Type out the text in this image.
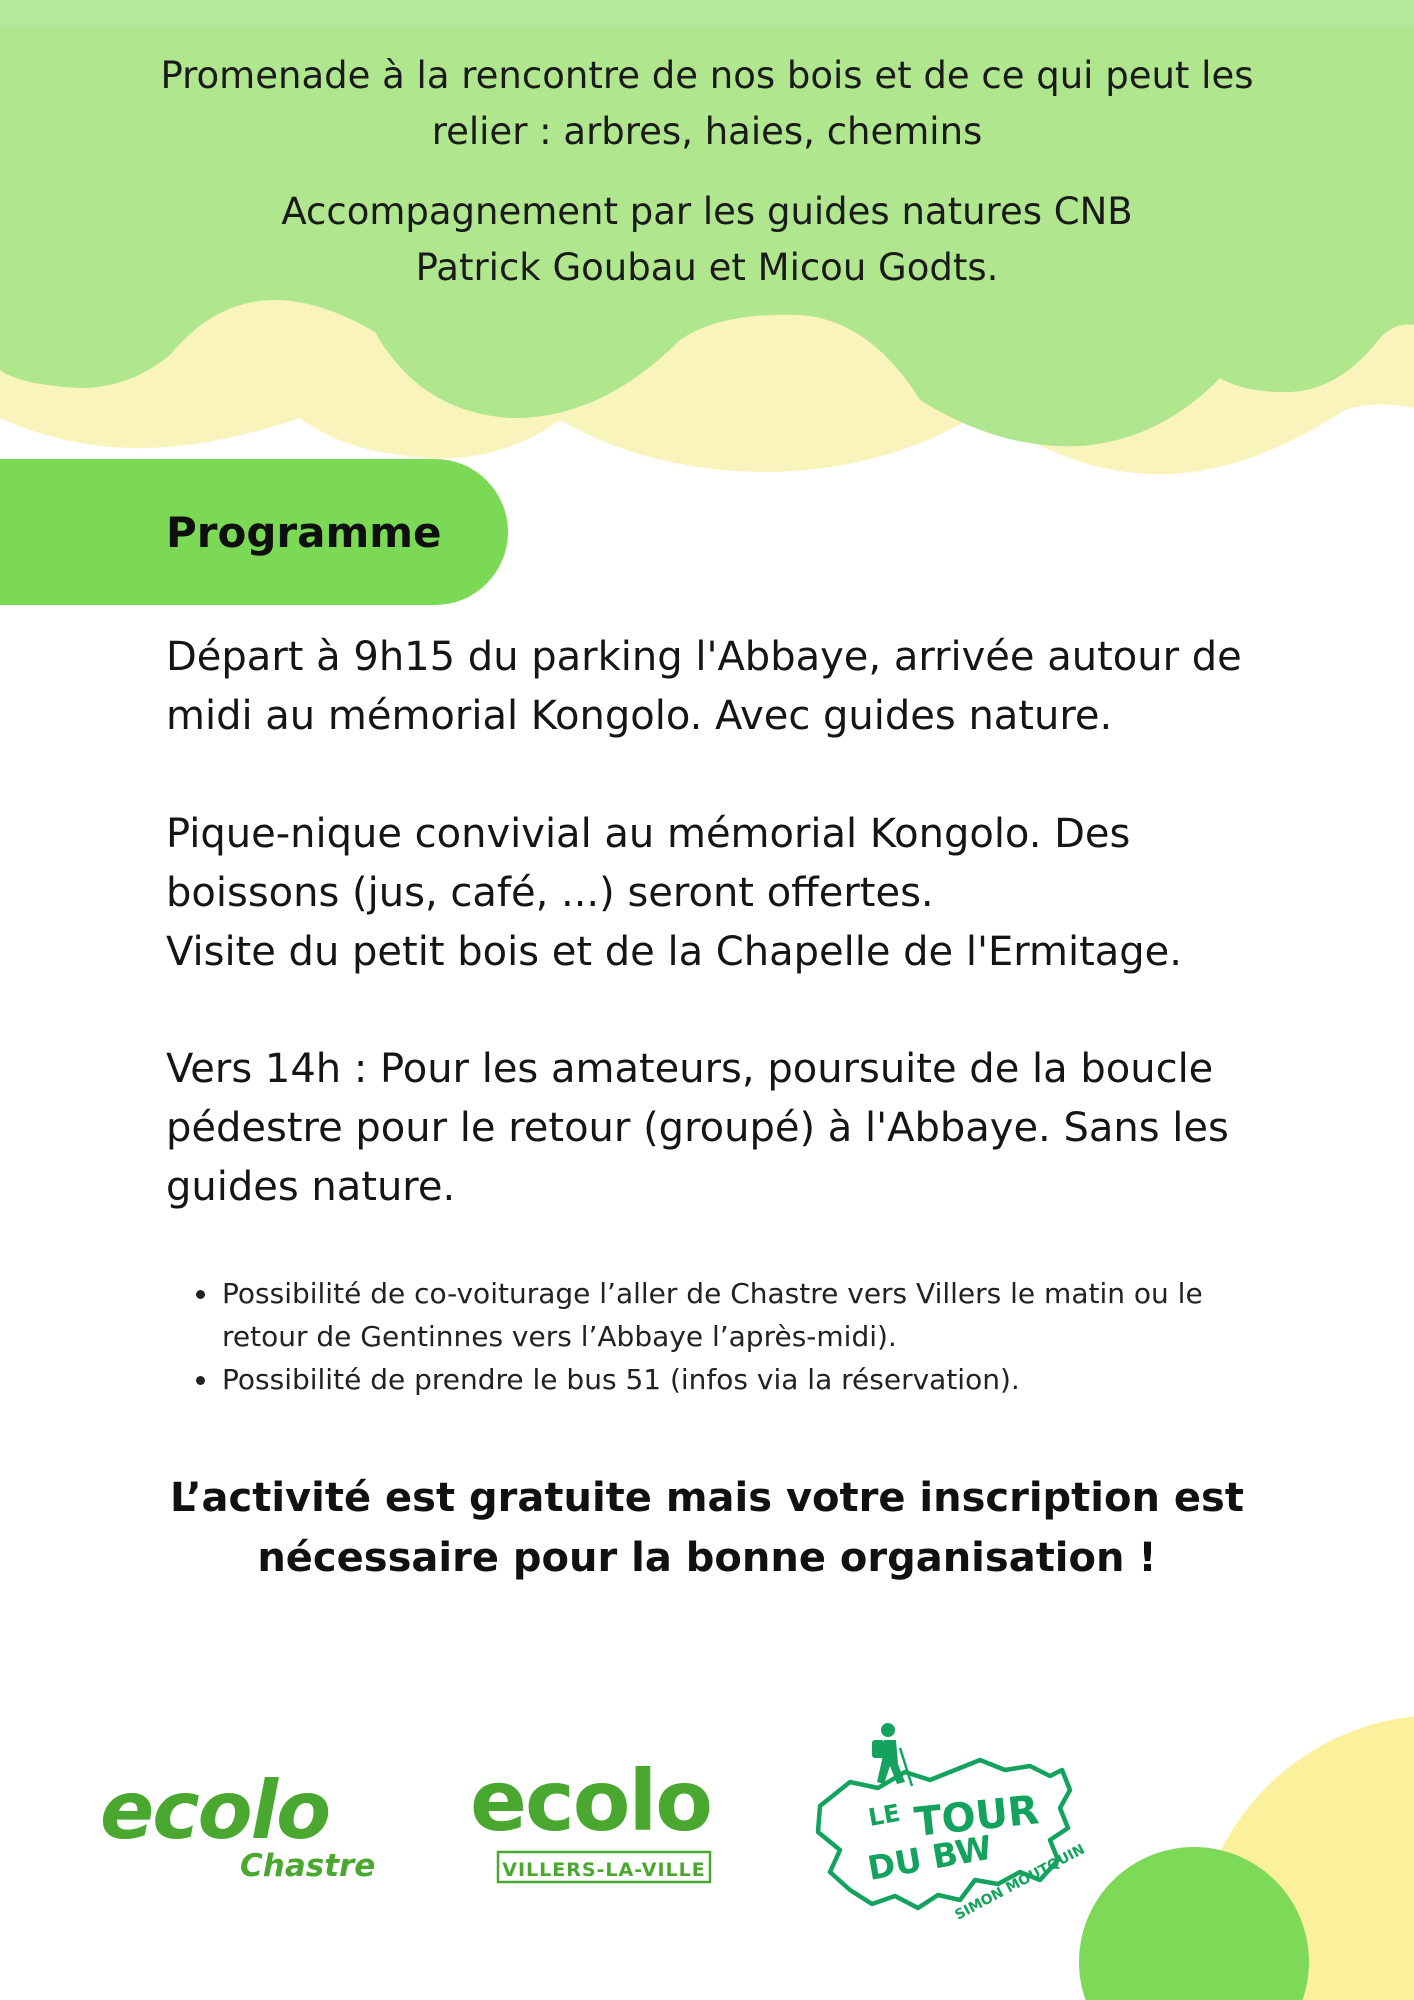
Promenade à la rencontre de nos bois et de ce qui peut les
relier : arbres, haies, chemins
Accompagnement par les guides natures CNB
Patrick Goubau et Micou Godts.
Programme
Départ à 9h15 du parking l'Abbaye, arrivée autour de
midi au mémorial Kongolo. Avec guides nature.
Pique-nique convivial au mémorial Kongolo. Des
boissons (jus, café, ...) seront offertes.
Visite du petit bois et de la Chapelle de l'Ermitage.
Vers 14h : Pour les amateurs, poursuite de la boucle
pédestre pour le retour (groupé) à l'Abbaye. Sans les
guides nature.
• Possibilité de co-voiturage l’aller de Chastre vers Villers le matin ou le
retour de Gentinnes vers l’Abbaye l’après-midi).
• Possibilité de prendre le bus 51 (infos via la réservation).
L’activité est gratuite mais votre inscription est
nécessaire pour la bonne organisation !
ecolo
Chastre
ecolo
VILLERS-LA-VILLE
LE TOUR
DU BW
SIMON MOUTQUIN
